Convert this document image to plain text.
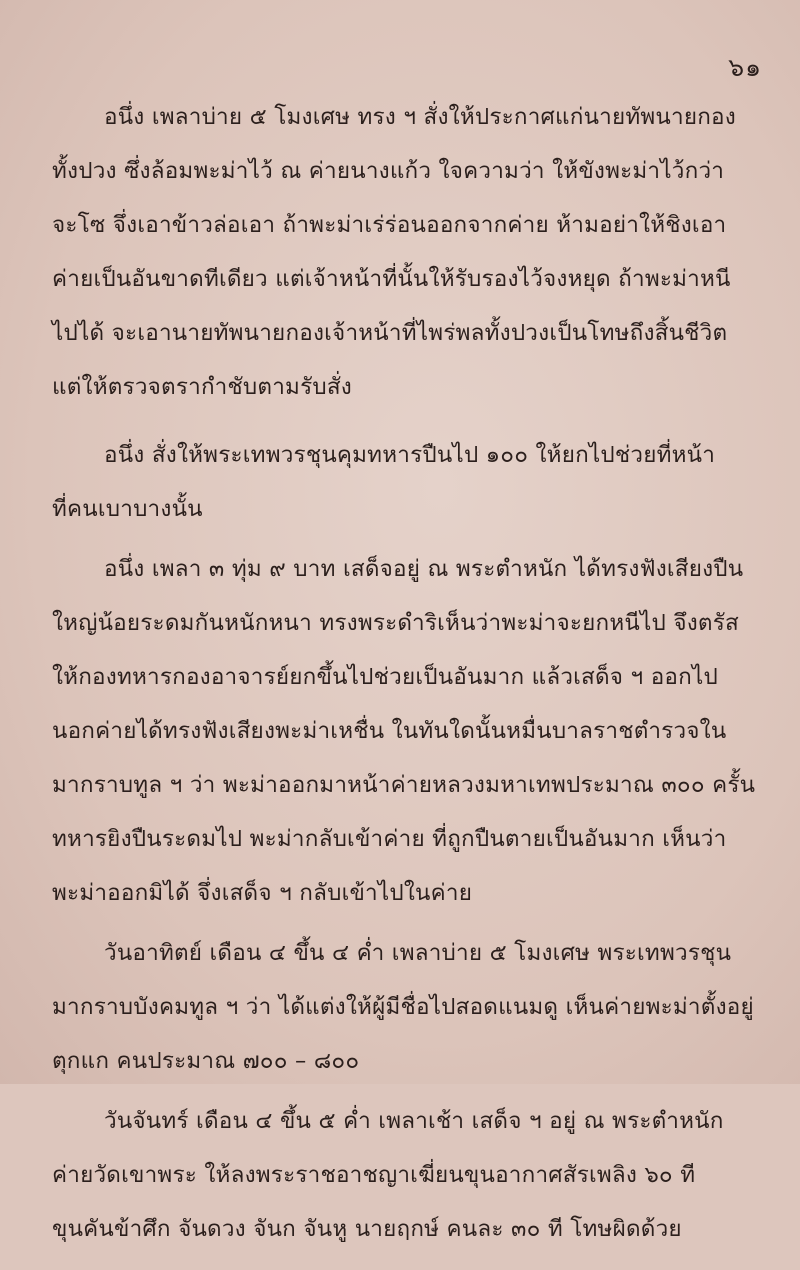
๖๑
อนึ่ง เพลาบ่าย ๕ โมงเศษ ทรง ฯ สั่งให้ประกาศแก่นายทัพนายกอง
ทั้งปวง ซึ่งล้อมพะม่าไว้ ณ ค่ายนางแก้ว ใจความว่า ให้ขังพะม่าไว้กว่า
จะโซ จึ่งเอาข้าวล่อเอา ถ้าพะม่าเร่ร่อนออกจากค่าย ห้ามอย่าให้ชิงเอา
ค่ายเป็นอันขาดทีเดียว แต่เจ้าหน้าที่นั้นให้รับรองไว้จงหยุด ถ้าพะม่าหนี
ไปได้ จะเอานายทัพนายกองเจ้าหน้าที่ไพร่พลทั้งปวงเป็นโทษถึงสิ้นชีวิต
แต่ให้ตรวจตรากำชับตามรับสั่ง
อนึ่ง สั่งให้พระเทพวรชุนคุมทหารปืนไป ๑๐๐ ให้ยกไปช่วยที่หน้า
ที่คนเบาบางนั้น
อนึ่ง เพลา ๓ ทุ่ม ๙ บาท เสด็จอยู่ ณ พระตำหนัก ได้ทรงฟังเสียงปืน
ใหญ่น้อยระดมกันหนักหนา ทรงพระดำริเห็นว่าพะม่าจะยกหนีไป จึงตรัส
ให้กองทหารกองอาจารย์ยกขึ้นไปช่วยเป็นอันมาก แล้วเสด็จ ฯ ออกไป
นอกค่ายได้ทรงฟังเสียงพะม่าเหชื่น ในทันใดนั้นหมื่นบาลราชตำรวจใน
มากราบทูล ฯ ว่า พะม่าออกมาหน้าค่ายหลวงมหาเทพประมาณ ๓๐๐ ครั้น
ทหารยิงปืนระดมไป พะม่ากลับเข้าค่าย ที่ถูกปืนตายเป็นอันมาก เห็นว่า
พะม่าออกมิได้ จึ่งเสด็จ ฯ กลับเข้าไปในค่าย
วันอาทิตย์ เดือน ๔ ขึ้น ๔ ค่ำ เพลาบ่าย ๕ โมงเศษ พระเทพวรชุน
มากราบบังคมทูล ฯ ว่า ได้แต่งให้ผู้มีชื่อไปสอดแนมดู เห็นค่ายพะม่าตั้งอยู่
ตุกแก คนประมาณ ๗๐๐ – ๘๐๐
วันจันทร์ เดือน ๔ ขึ้น ๕ ค่ำ เพลาเช้า เสด็จ ฯ อยู่ ณ พระตำหนัก
ค่ายวัดเขาพระ ให้ลงพระราชอาชญาเฆี่ยนขุนอากาศสัรเพลิง ๖๐ ที
ขุนคันข้าศึก จันดวง จันก จันหู นายฤกษ์ คนละ ๓๐ ที โทษผิดด้วย
